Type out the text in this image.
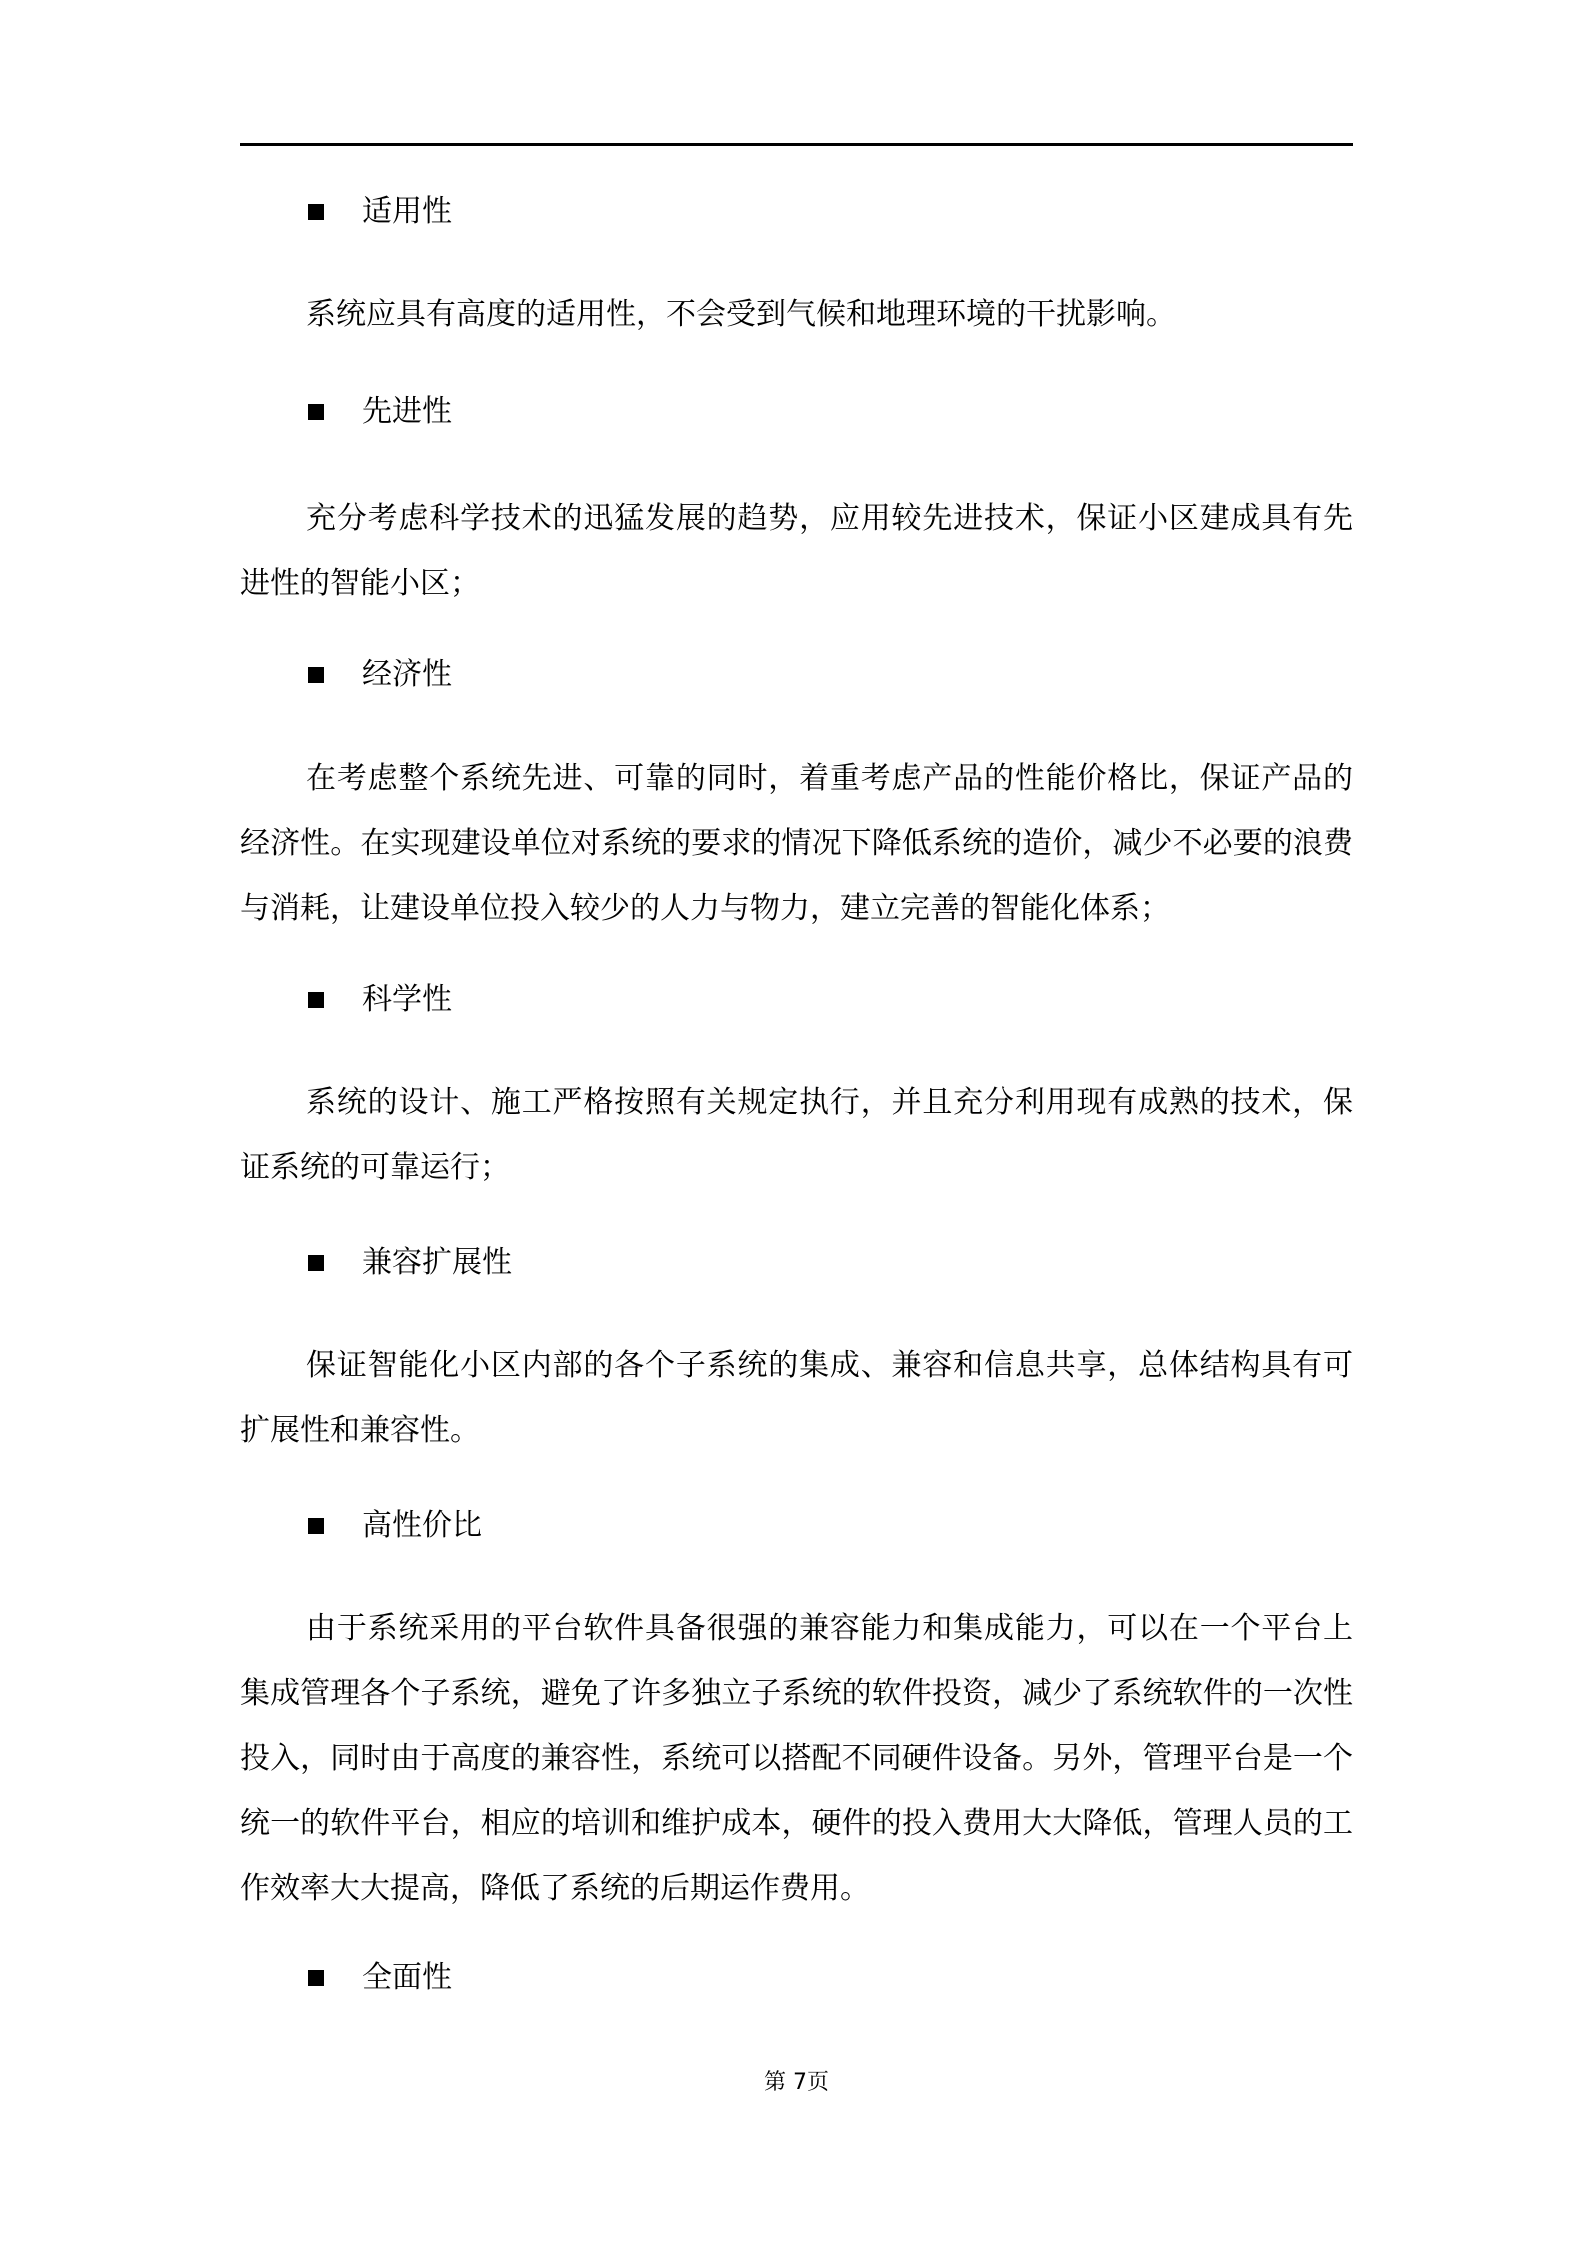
适用性

系统应具有高度的适用性，不会受到气候和地理环境的干扰影响。

先进性

充分考虑科学技术的迅猛发展的趋势，应用较先进技术，保证小区建成具有先进性的智能小区；

经济性

在考虑整个系统先进、可靠的同时，着重考虑产品的性能价格比，保证产品的经济性。在实现建设单位对系统的要求的情况下降低系统的造价，减少不必要的浪费与消耗，让建设单位投入较少的人力与物力，建立完善的智能化体系；

科学性

系统的设计、施工严格按照有关规定执行，并且充分利用现有成熟的技术，保证系统的可靠运行；

兼容扩展性

保证智能化小区内部的各个子系统的集成、兼容和信息共享，总体结构具有可扩展性和兼容性。

高性价比

由于系统采用的平台软件具备很强的兼容能力和集成能力，可以在一个平台上集成管理各个子系统，避免了许多独立子系统的软件投资，减少了系统软件的一次性投入，同时由于高度的兼容性，系统可以搭配不同硬件设备。另外，管理平台是一个统一的软件平台，相应的培训和维护成本，硬件的投入费用大大降低，管理人员的工作效率大大提高，降低了系统的后期运作费用。

全面性
第 7页
